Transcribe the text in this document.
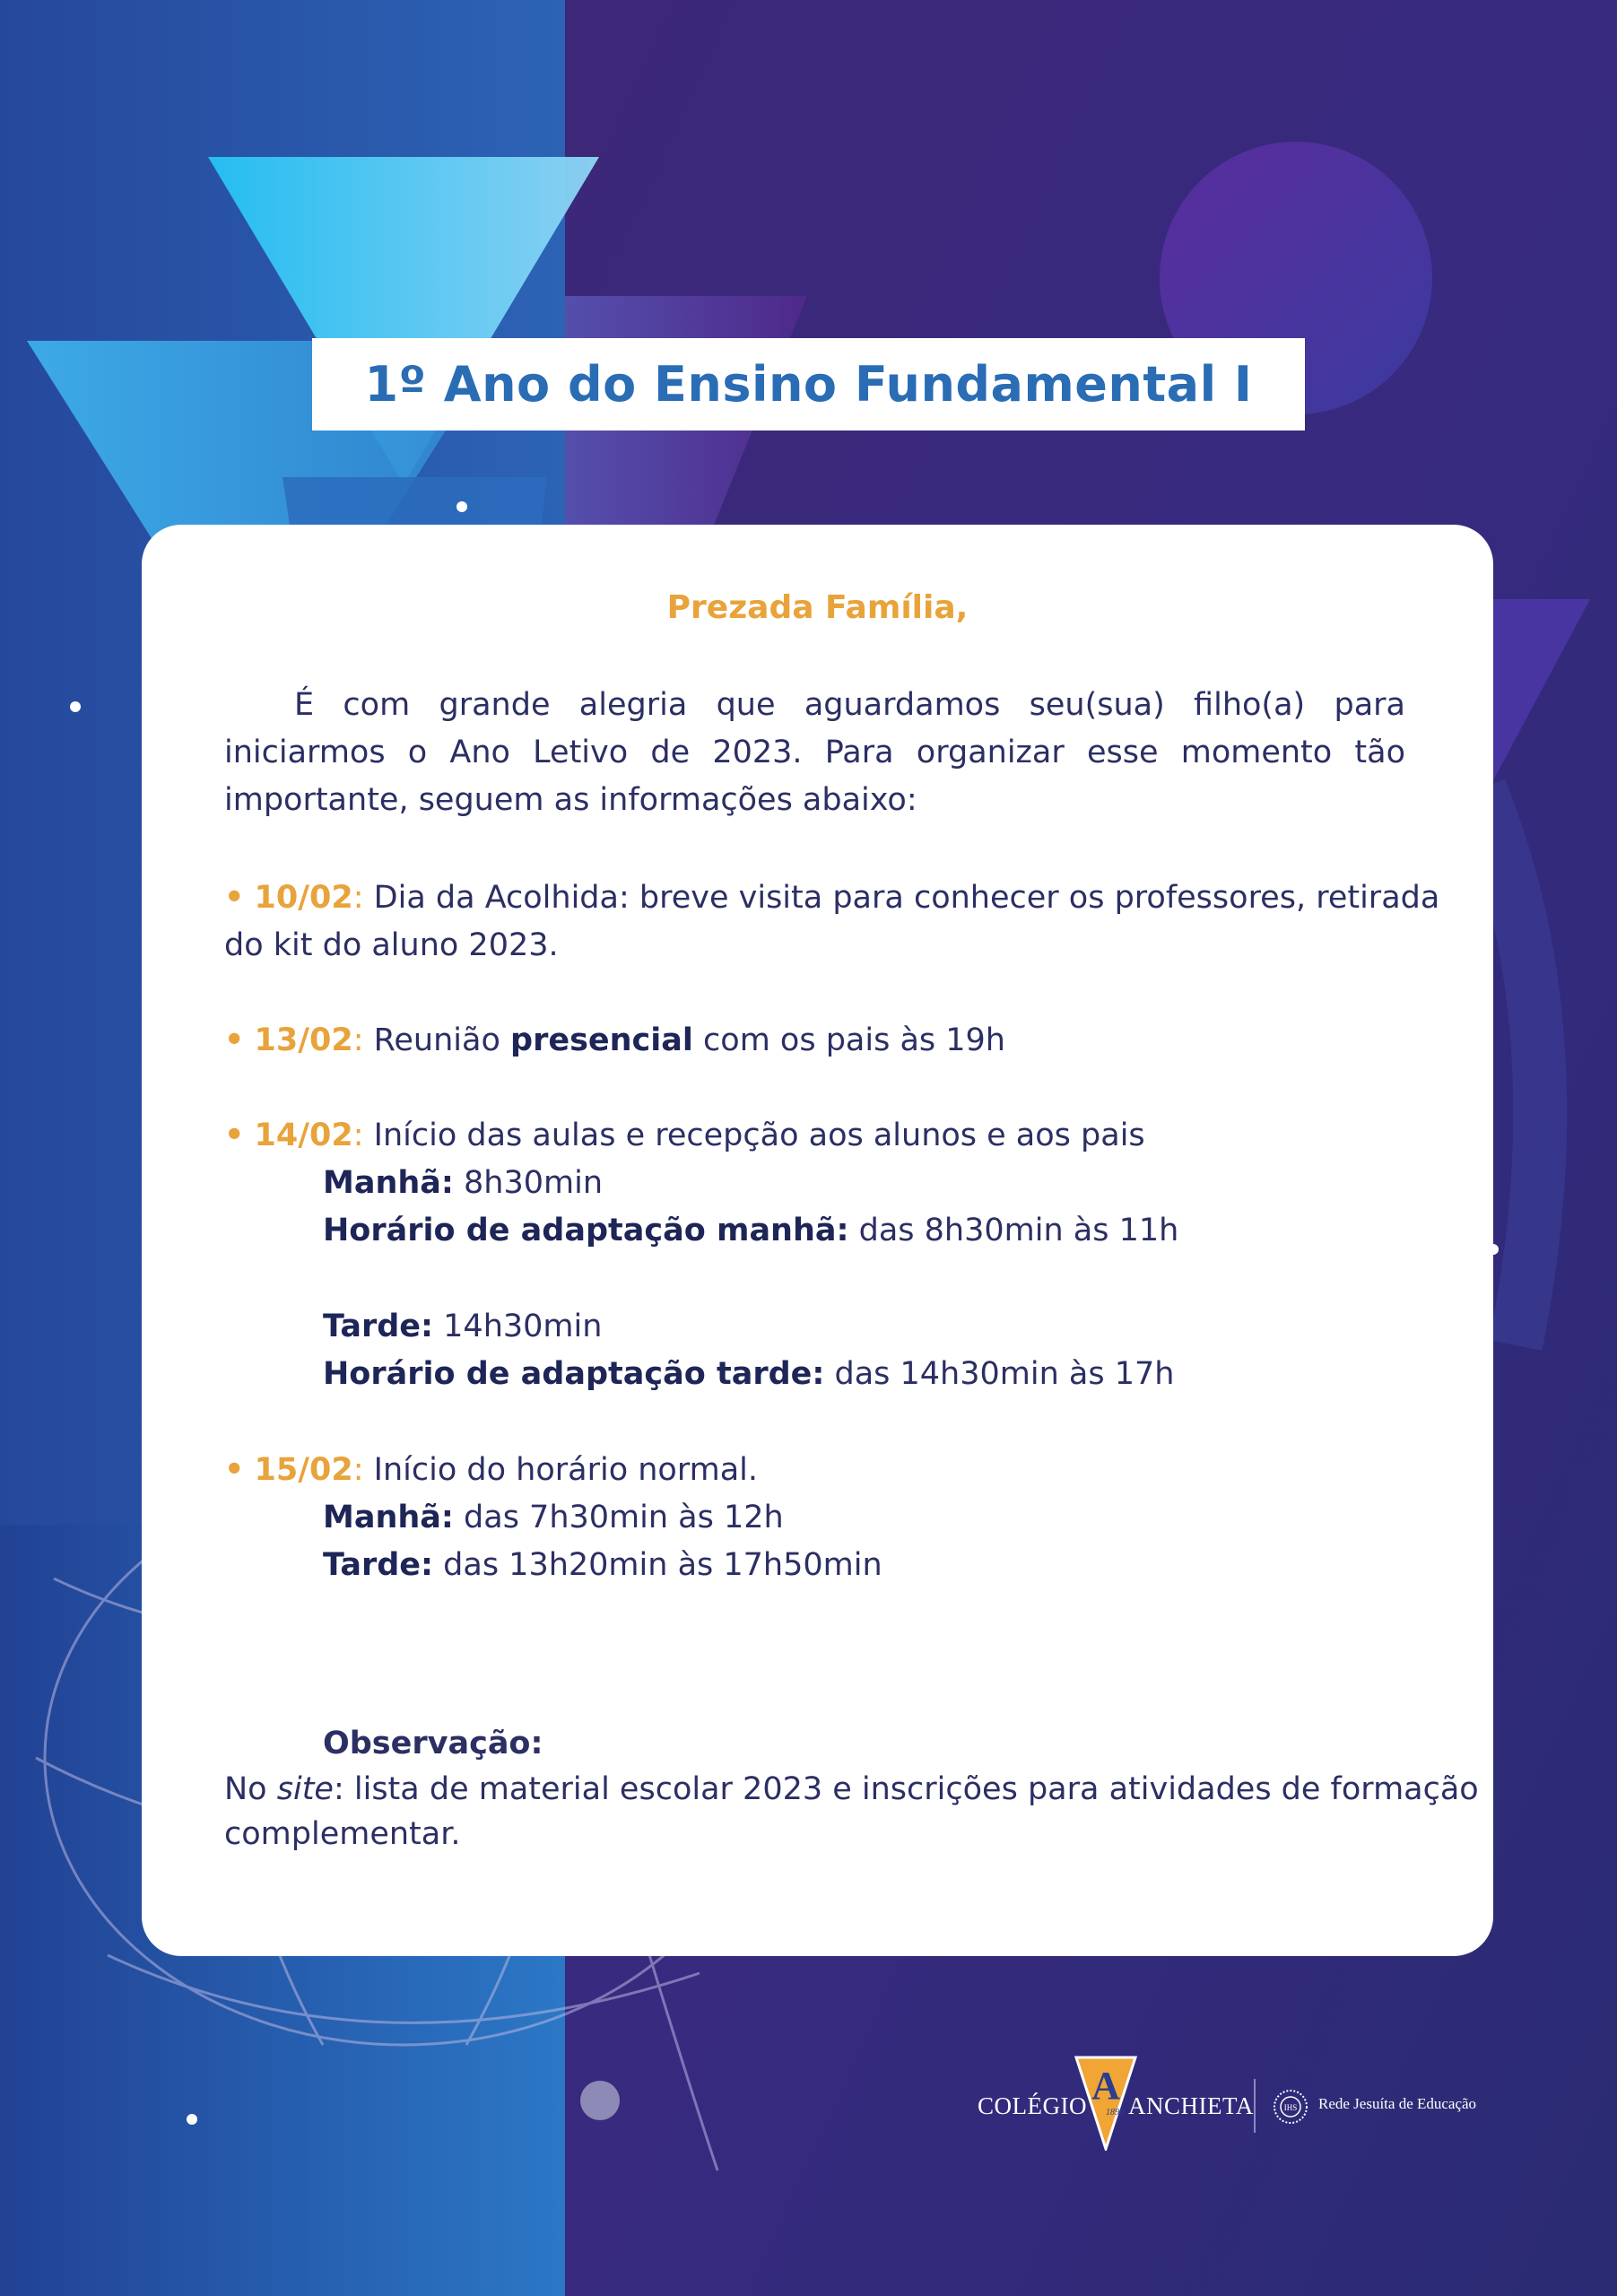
1º Ano do Ensino Fundamental I
Prezada Família,
É com grande alegria que aguardamos seu(sua) filho(a) para iniciarmos o Ano Letivo de 2023. Para organizar esse momento tão importante, seguem as informações abaixo:
• 10/02: Dia da Acolhida: breve visita para conhecer os professores, retirada
do kit do aluno 2023.
• 13/02: Reunião presencial com os pais às 19h
• 14/02: Início das aulas e recepção aos alunos e aos pais
Manhã: 8h30min
Horário de adaptação manhã: das 8h30min às 11h
Tarde: 14h30min
Horário de adaptação tarde: das 14h30min às 17h
• 15/02: Início do horário normal.
Manhã: das 7h30min às 12h
Tarde: das 13h20min às 17h50min
Observação:
No site: lista de material escolar 2023 e inscrições para atividades de formação
complementar.
COLÉGIO A
1890 ANCHIETA	IHS Rede Jesuíta de Educação
